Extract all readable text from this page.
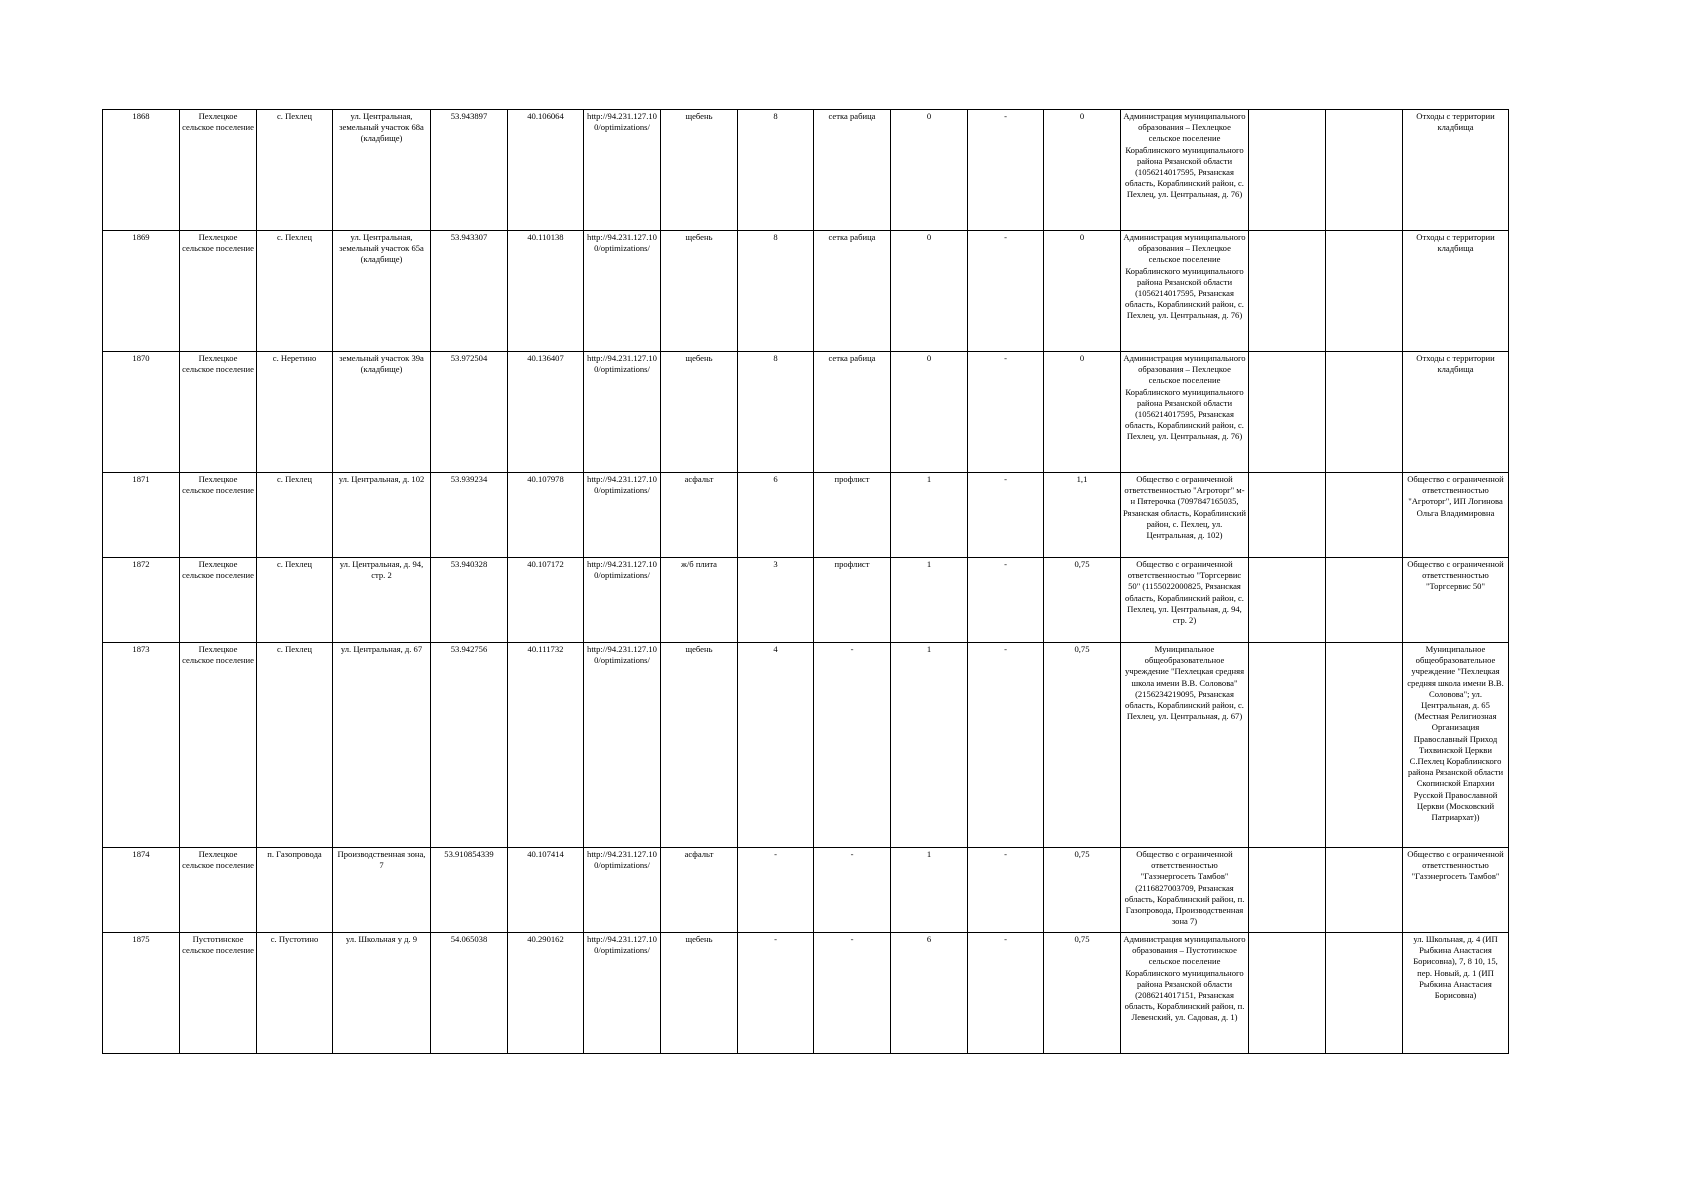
1868	Пехлецкое сельское поселение	с. Пехлец	ул. Центральная, земельный участок 68а (кладбище)	53.943897	40.106064	http://94.231.127.100/optimizations/	щебень	8	сетка рабица	0	-	0	Администрация муниципального образования – Пехлецкое сельское поселение Кораблинского муниципального района Рязанской области (1056214017595, Рязанская область, Кораблинский район, с. Пехлец, ул. Центральная, д. 76)			Отходы с территории кладбища
1869	Пехлецкое сельское поселение	с. Пехлец	ул. Центральная, земельный участок 65а (кладбище)	53.943307	40.110138	http://94.231.127.100/optimizations/	щебень	8	сетка рабица	0	-	0	Администрация муниципального образования – Пехлецкое сельское поселение Кораблинского муниципального района Рязанской области (1056214017595, Рязанская область, Кораблинский район, с. Пехлец, ул. Центральная, д. 76)			Отходы с территории кладбища
1870	Пехлецкое сельское поселение	с. Неретино	земельный участок 39а (кладбище)	53.972504	40.136407	http://94.231.127.100/optimizations/	щебень	8	сетка рабица	0	-	0	Администрация муниципального образования – Пехлецкое сельское поселение Кораблинского муниципального района Рязанской области (1056214017595, Рязанская область, Кораблинский район, с. Пехлец, ул. Центральная, д. 76)			Отходы с территории кладбища
1871	Пехлецкое сельское поселение	с. Пехлец	ул. Центральная, д. 102	53.939234	40.107978	http://94.231.127.100/optimizations/	асфальт	6	профлист	1	-	1,1	Общество с ограниченной ответственностью "Агроторг" м-н Пятерочка (7097847165035, Рязанская область, Кораблинский район, с. Пехлец, ул. Центральная, д. 102)			Общество с ограниченной ответственностью "Агроторг", ИП Логинова Ольга Владимировна
1872	Пехлецкое сельское поселение	с. Пехлец	ул. Центральная, д. 94, стр. 2	53.940328	40.107172	http://94.231.127.100/optimizations/	ж/б плита	3	профлист	1	-	0,75	Общество с ограниченной ответственностью "Торгсервис 50" (1155022000825, Рязанская область, Кораблинский район, с. Пехлец, ул. Центральная, д. 94, стр. 2)			Общество с ограниченной ответственностью "Торгсервис 50"
1873	Пехлецкое сельское поселение	с. Пехлец	ул. Центральная, д. 67	53.942756	40.111732	http://94.231.127.100/optimizations/	щебень	4	-	1	-	0,75	Муниципальное общеобразовательное учреждение "Пехлецкая средняя школа имени В.В. Соловова" (2156234219095, Рязанская область, Кораблинский район, с. Пехлец, ул. Центральная, д. 67)			Муниципальное общеобразовательное учреждение "Пехлецкая средняя школа имени В.В. Соловова"; ул. Центральная, д. 65 (Местная Религиозная Организация Православный Приход Тихвинской Церкви С.Пехлец Кораблинского района Рязанской области Скопинской Епархии Русской Православной Церкви (Московский Патриархат))
1874	Пехлецкое сельское поселение	п. Газопровода	Производственная зона, 7	53.910854339	40.107414	http://94.231.127.100/optimizations/	асфальт	-	-	1	-	0,75	Общество с ограниченной ответственностью "Газэнергосеть Тамбов" (2116827003709, Рязанская область, Кораблинский район, п. Газопровода, Производственная зона 7)			Общество с ограниченной ответственностью "Газэнергосеть Тамбов"
1875	Пустотинское сельское поселение	с. Пустотино	ул. Школьная у д. 9	54.065038	40.290162	http://94.231.127.100/optimizations/	щебень	-	-	6	-	0,75	Администрация муниципального образования – Пустотинское сельское поселение Кораблинского муниципального района Рязанской области (2086214017151, Рязанская область, Кораблинский район, п. Левенский, ул. Садовая, д. 1)			ул. Школьная, д. 4 (ИП Рыбкина Анастасия Борисовна), 7, 8 10, 15, пер. Новый, д. 1 (ИП Рыбкина Анастасия Борисовна)
